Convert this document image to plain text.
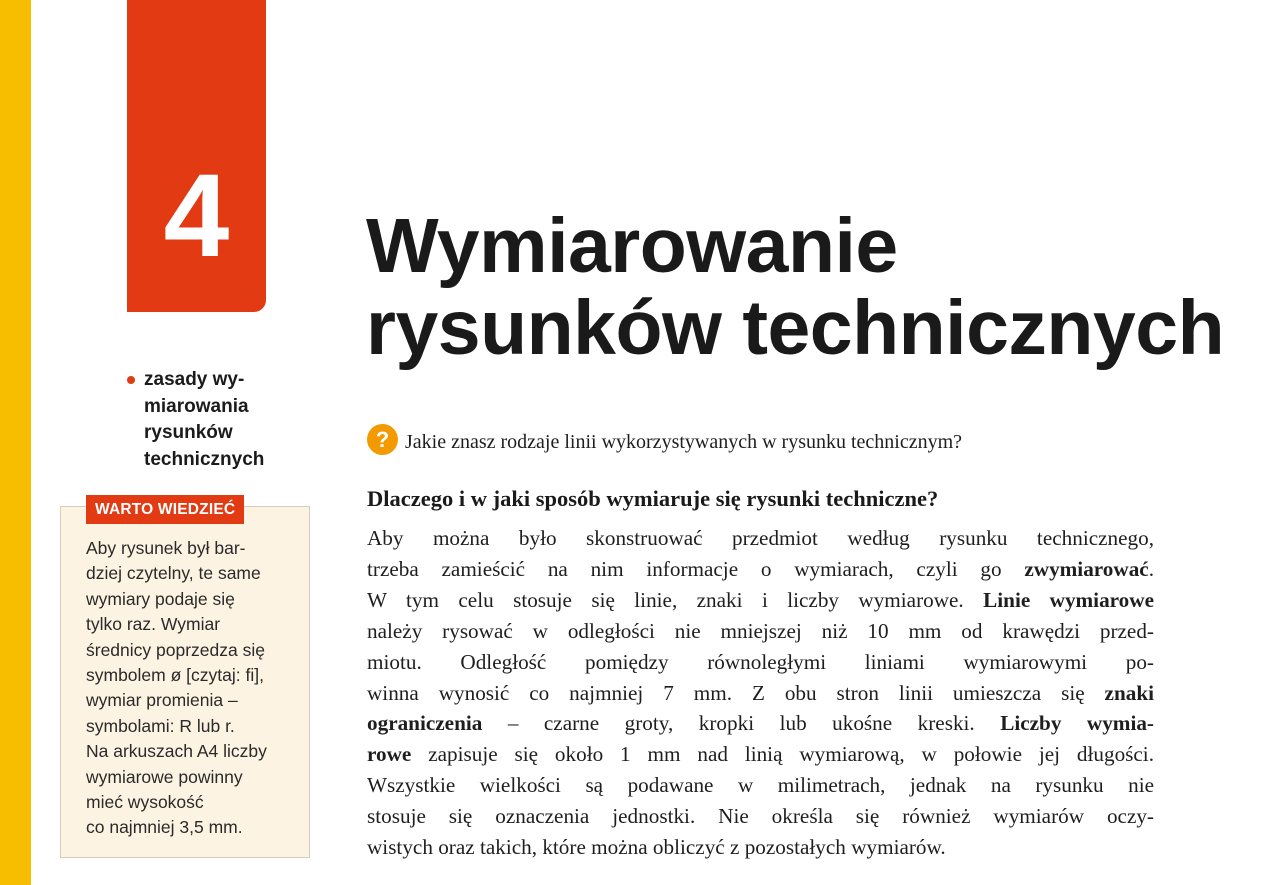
4	Wymiarowanie
rysunków technicznych
zasady wy-
miarowania
rysunków
technicznych
WARTO WIEDZIEĆ

Aby rysunek był bar-
dziej czytelny, te same
wymiary podaje się
tylko raz. Wymiar
średnicy poprzedza się
symbolem ø [czytaj: fi],
wymiar promienia –
symbolami: R lub r.
Na arkuszach A4 liczby
wymiarowe powinny
mieć wysokość
co najmniej 3,5 mm.

? Jakie znasz rodzaje linii wykorzystywanych w rysunku technicznym?
Dlaczego i w jaki sposób wymiaruje się rysunki techniczne?

Aby można było skonstruować przedmiot według rysunku technicznego,
trzeba zamieścić na nim informacje o wymiarach, czyli go zwymiarować.
W tym celu stosuje się linie, znaki i liczby wymiarowe. Linie wymiarowe
należy rysować w odległości nie mniejszej niż 10 mm od krawędzi przed-
miotu. Odległość pomiędzy równoległymi liniami wymiarowymi po-
winna wynosić co najmniej 7 mm. Z obu stron linii umieszcza się znaki
ograniczenia – czarne groty, kropki lub ukośne kreski. Liczby wymia-
rowe zapisuje się około 1 mm nad linią wymiarową, w połowie jej długości.
Wszystkie wielkości są podawane w milimetrach, jednak na rysunku nie
stosuje się oznaczenia jednostki. Nie określa się również wymiarów oczy-
wistych oraz takich, które można obliczyć z pozostałych wymiarów.
